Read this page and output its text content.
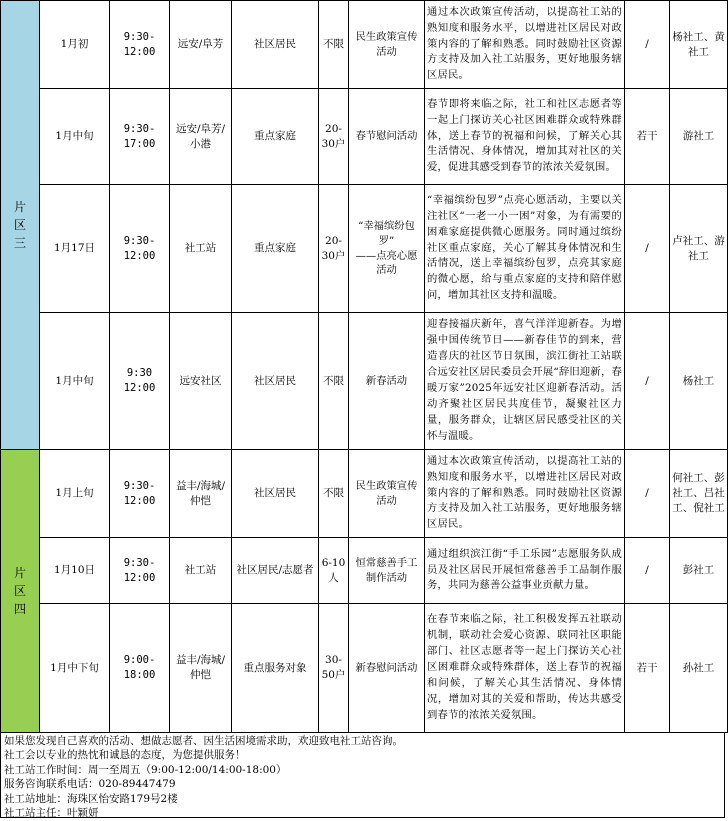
片区三	1月初	9:30-
12:00	远安/阜芳	社区居民	不限	民生政策宣传活动	通过本次政策宣传活动，以提高社工站的熟知度和服务水平，以增进社区居民对政策内容的了解和熟悉。同时鼓励社区资源方支持及加入社工站服务，更好地服务辖区居民。	/	杨社工、黄社工
	1月中旬	9:30-
17:00	远安/阜芳/小港	重点家庭	20-30户	春节慰问活动	春节即将来临之际，社工和社区志愿者等一起上门探访关心社区困难群众或特殊群体，送上春节的祝福和问候，了解关心其生活情况、身体情况，增加其对社区的关爱，促进其感受到春节的浓浓关爱氛围。	若干	游社工
	1月17日	9:30-
12:00	社工站	重点家庭	20-30户	“幸福缤纷包罗”
——点亮心愿活动	“幸福缤纷包罗”点亮心愿活动，主要以关注社区“一老一小一困”对象，为有需要的困难家庭提供微心愿服务。同时通过缤纷社区重点家庭，关心了解其身体情况和生活情况，送上幸福缤纷包罗，点亮其家庭的微心愿，给与重点家庭的支持和陪伴慰问，增加其社区支持和温暖。	/	卢社工、游社工
	1月中旬	9:30
12:00	远安社区	社区居民	不限	新春活动	迎春接福庆新年，喜气洋洋迎新春。为增强中国传统节日——新春佳节的到来，营造喜庆的社区节日氛围，滨江街社工站联合远安社区居民委员会开展“辞旧迎新，春暖万家”2025年远安社区迎新春活动。活动齐聚社区居民共度佳节，凝聚社区力量，服务群众，让辖区居民感受社区的关怀与温暖。	/	杨社工
片区四	1月上旬	9:30-
12:00	益丰/海城/仲恺	社区居民	不限	民生政策宣传活动	通过本次政策宣传活动，以提高社工站的熟知度和服务水平，以增进社区居民对政策内容的了解和熟悉。同时鼓励社区资源方支持及加入社工站服务，更好地服务辖区居民。	/	何社工、彭社工、吕社工、倪社工
	1月10日	9:30-
12:00	社工站	社区居民/志愿者	6-10人	恒常慈善手工制作活动	通过组织滨江街“手工乐园”志愿服务队成员及社区居民开展恒常慈善手工品制作服务，共同为慈善公益事业贡献力量。	/	彭社工
	1月中下旬	9:00-
18:00	益丰/海城/仲恺	重点服务对象	30-50户	新春慰问活动	在春节来临之际，社工积极发挥五社联动机制，联动社会爱心资源、联同社区职能部门、社区志愿者等一起上门探访关心社区困难群众或特殊群体，送上春节的祝福和问候，了解关心其生活情况、身体情况，增加对其的关爱和帮助，传达共感受到春节的浓浓关爱氛围。	若干	孙社工
如果您发现自己喜欢的活动、想做志愿者、因生活困境需求助，欢迎致电社工站咨询。
社工会以专业的热忱和诚恳的态度，为您提供服务！
社工站工作时间：周一至周五（9:00-12:00/14:00-18:00）
服务咨询联系电话：020-89447479
社工站地址：海珠区怡安路179号2楼
社工站主任：叶颖妍
